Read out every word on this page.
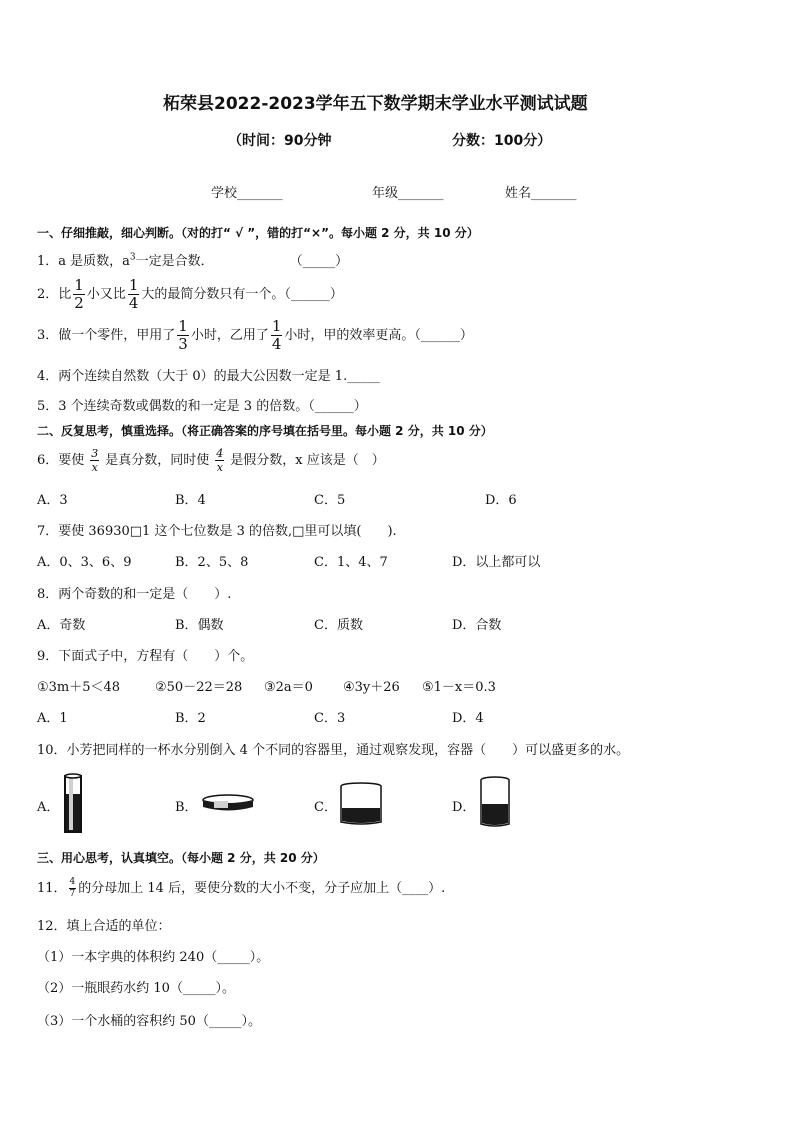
柘荣县2022-2023学年五下数学期末学业水平测试试题
（时间：90分钟	分数：100分）
学校_______	年级_______	姓名_______
一、仔细推敲，细心判断。（对的打“ √ ”，错的打“×”。每小题 2 分，共 10 分）
1．a 是质数，$a^3$一定是合数．	（_____）
2．比 $\frac{1}{2}$ 小又比 $\frac{1}{4}$ 大的最简分数只有一个。（______）
3．做一个零件，甲用了 $\frac{1}{3}$ 小时，乙用了 $\frac{1}{4}$ 小时，甲的效率更高。（______）
4．两个连续自然数（大于 0）的最大公因数一定是 1._____
5．3 个连续奇数或偶数的和一定是 3 的倍数。（______）
二、反复思考，慎重选择。（将正确答案的序号填在括号里。每小题 2 分，共 10 分）
6．要使 $\frac{3}{x}$ 是真分数，同时使 $\frac{4}{x}$ 是假分数，x 应该是（　）
A．3	B．4	C．5	D．6
7．要使 36930□1 这个七位数是 3 的倍数,□里可以填(　　).
A．0、3、6、9	B．2、5、8	C．1、4、7	D．以上都可以
8．两个奇数的和一定是（　　）.
A．奇数	B．偶数	C．质数	D．合数
9．下面式子中，方程有（　　）个。
①3m＋5＜48	②50－22＝28 ③2a＝0 ④3y＋26 ⑤1－x＝0.3
A．1	B．2	C．3	D．4
10．小芳把同样的一杯水分别倒入 4 个不同的容器里，通过观察发现，容器（　　）可以盛更多的水。
A．	B．	C．	D．
三、用心思考，认真填空。（每小题 2 分，共 20 分）
11． $\frac{4}{7}$ 的分母加上 14 后，要使分数的大小不变，分子应加上（____）.
12．填上合适的单位：
（1）一本字典的体积约 240（_____）。
（2）一瓶眼药水约 10（_____）。
（3）一个水桶的容积约 50（_____）。
